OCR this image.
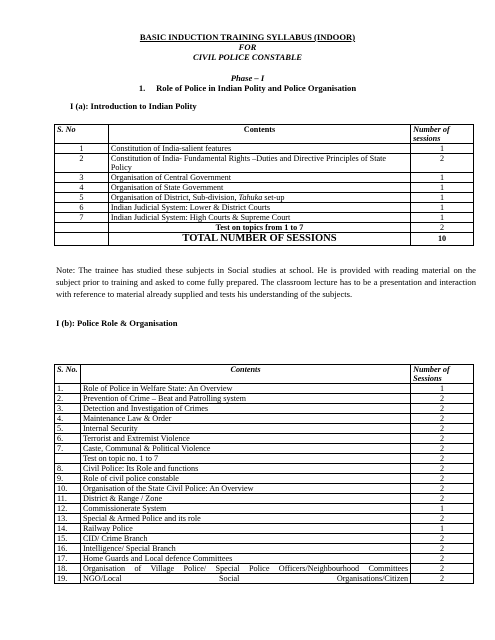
BASIC INDUCTION TRAINING SYLLABUS (INDOOR)
FOR
CIVIL POLICE CONSTABLE
Phase – I
1. Role of Police in Indian Polity and Police Organisation
I (a): Introduction to Indian Polity
S. No	Contents	Number of sessions
1	Constitution of India-salient features	1
2	Constitution of India- Fundamental Rights –Duties and Directive Principles of State Policy	2
3	Organisation of Central Government	1
4	Organisation of State Government	1
5	Organisation of District, Sub-division, Tahuka set-up	1
6	Indian Judicial System: Lower & District Courts	1
7	Indian Judicial System: High Courts & Supreme Court	1
	Test on topics from 1 to 7	2
	TOTAL NUMBER OF SESSIONS	10
Note: The trainee has studied these subjects in Social studies at school. He is provided with reading material on the subject prior to training and asked to come fully prepared. The classroom lecture has to be a presentation and interaction with reference to material already supplied and tests his understanding of the subjects.
I (b): Police Role & Organisation
S. No.	Contents	Number of Sessions
1.	Role of Police in Welfare State: An Overview	1
2.	Prevention of Crime – Beat and Patrolling system	2
3.	Detection and Investigation of Crimes	2
4.	Maintenance Law & Order	2
5.	Internal Security	2
6.	Terrorist and Extremist Violence	2
7.	Caste, Communal & Political Violence	2
	Test on topic no. 1 to 7	2
8.	Civil Police: Its Role and functions	2
9.	Role of civil police constable	2
10.	Organisation of the State Civil Police: An Overview	2
11.	District & Range / Zone	2
12.	Commissionerate System	1
13.	Special & Armed Police and its role	2
14.	Railway Police	1
15.	CID/ Crime Branch	2
16.	Intelligence/ Special Branch	2
17.	Home Guards and Local defence Committees	2
18.	Organisation of Village Police/ Special Police Officers/Neighbourhood Committees	2
19.	NGO/Local Social Organisations/Citizen	2
